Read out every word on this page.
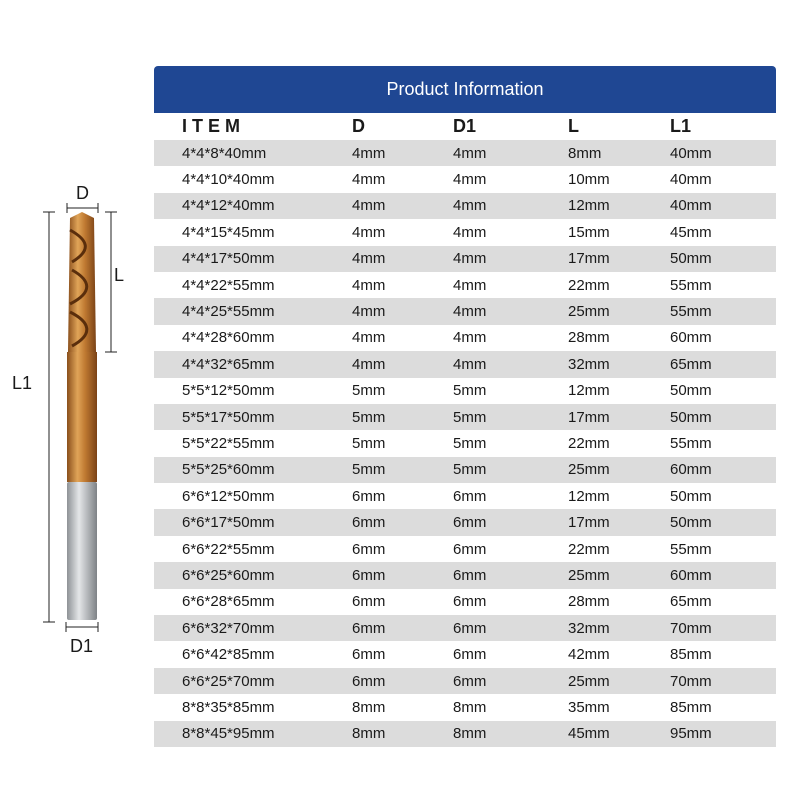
D
L
L1
D1
Product Information
ITEM	D	D1	L	L1
4*4*8*40mm	4mm	4mm	8mm	40mm
4*4*10*40mm	4mm	4mm	10mm	40mm
4*4*12*40mm	4mm	4mm	12mm	40mm
4*4*15*45mm	4mm	4mm	15mm	45mm
4*4*17*50mm	4mm	4mm	17mm	50mm
4*4*22*55mm	4mm	4mm	22mm	55mm
4*4*25*55mm	4mm	4mm	25mm	55mm
4*4*28*60mm	4mm	4mm	28mm	60mm
4*4*32*65mm	4mm	4mm	32mm	65mm
5*5*12*50mm	5mm	5mm	12mm	50mm
5*5*17*50mm	5mm	5mm	17mm	50mm
5*5*22*55mm	5mm	5mm	22mm	55mm
5*5*25*60mm	5mm	5mm	25mm	60mm
6*6*12*50mm	6mm	6mm	12mm	50mm
6*6*17*50mm	6mm	6mm	17mm	50mm
6*6*22*55mm	6mm	6mm	22mm	55mm
6*6*25*60mm	6mm	6mm	25mm	60mm
6*6*28*65mm	6mm	6mm	28mm	65mm
6*6*32*70mm	6mm	6mm	32mm	70mm
6*6*42*85mm	6mm	6mm	42mm	85mm
6*6*25*70mm	6mm	6mm	25mm	70mm
8*8*35*85mm	8mm	8mm	35mm	85mm
8*8*45*95mm	8mm	8mm	45mm	95mm
